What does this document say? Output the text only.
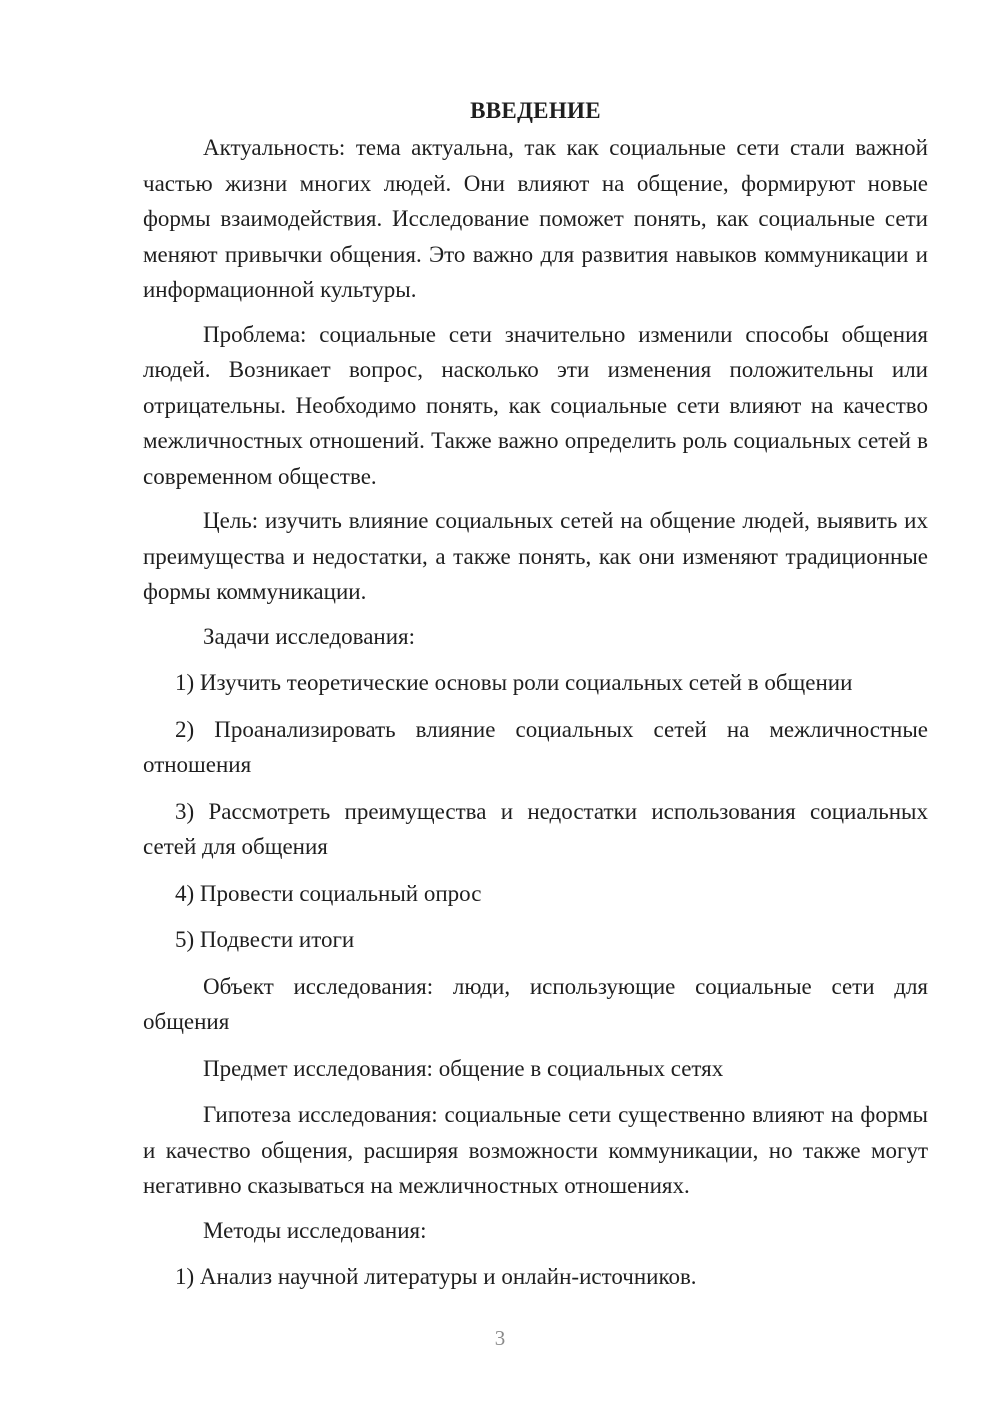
ВВЕДЕНИЕ

Актуальность: тема актуальна, так как социальные сети стали важной частью жизни многих людей. Они влияют на общение, формируют новые формы взаимодействия. Исследование поможет понять, как социальные сети меняют привычки общения. Это важно для развития навыков коммуникации и информационной культуры.

Проблема: социальные сети значительно изменили способы общения людей. Возникает вопрос, насколько эти изменения положительны или отрицательны. Необходимо понять, как социальные сети влияют на качество межличностных отношений. Также важно определить роль социальных сетей в современном обществе.

Цель: изучить влияние социальных сетей на общение людей, выявить их преимущества и недостатки, а также понять, как они изменяют традиционные формы коммуникации.

Задачи исследования:

1) Изучить теоретические основы роли социальных сетей в общении

2) Проанализировать влияние социальных сетей на межличностные отношения

3) Рассмотреть преимущества и недостатки использования социальных сетей для общения

4) Провести социальный опрос

5) Подвести итоги

Объект исследования: люди, использующие социальные сети для общения

Предмет исследования: общение в социальных сетях

Гипотеза исследования: социальные сети существенно влияют на формы и качество общения, расширяя возможности коммуникации, но также могут негативно сказываться на межличностных отношениях.

Методы исследования:

1) Анализ научной литературы и онлайн-источников.

3
